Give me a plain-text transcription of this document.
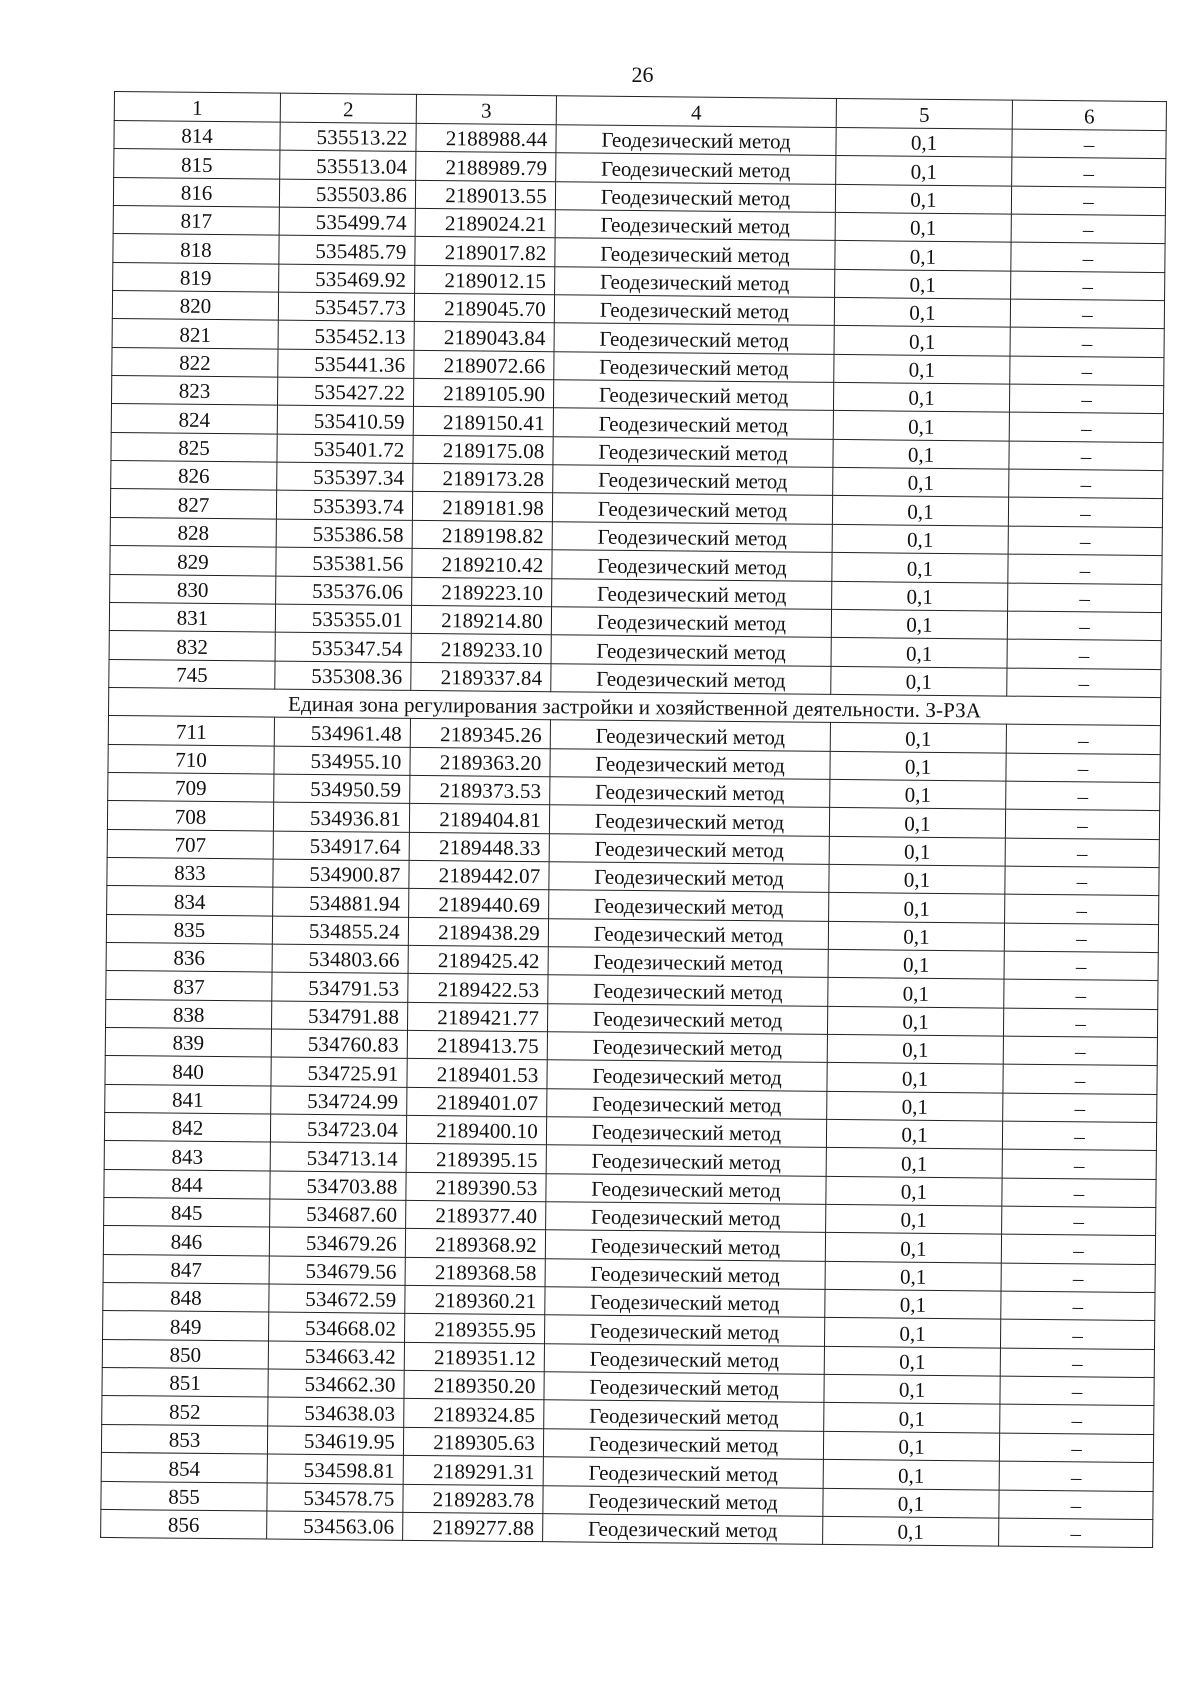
26
1	2	3	4	5	6
814	535513.22	2188988.44	Геодезический метод	0,1	–
815	535513.04	2188989.79	Геодезический метод	0,1	–
816	535503.86	2189013.55	Геодезический метод	0,1	–
817	535499.74	2189024.21	Геодезический метод	0,1	–
818	535485.79	2189017.82	Геодезический метод	0,1	–
819	535469.92	2189012.15	Геодезический метод	0,1	–
820	535457.73	2189045.70	Геодезический метод	0,1	–
821	535452.13	2189043.84	Геодезический метод	0,1	–
822	535441.36	2189072.66	Геодезический метод	0,1	–
823	535427.22	2189105.90	Геодезический метод	0,1	–
824	535410.59	2189150.41	Геодезический метод	0,1	–
825	535401.72	2189175.08	Геодезический метод	0,1	–
826	535397.34	2189173.28	Геодезический метод	0,1	–
827	535393.74	2189181.98	Геодезический метод	0,1	–
828	535386.58	2189198.82	Геодезический метод	0,1	–
829	535381.56	2189210.42	Геодезический метод	0,1	–
830	535376.06	2189223.10	Геодезический метод	0,1	–
831	535355.01	2189214.80	Геодезический метод	0,1	–
832	535347.54	2189233.10	Геодезический метод	0,1	–
745	535308.36	2189337.84	Геодезический метод	0,1	–
Единая зона регулирования застройки и хозяйственной деятельности. З-РЗА					
711	534961.48	2189345.26	Геодезический метод	0,1	–
710	534955.10	2189363.20	Геодезический метод	0,1	–
709	534950.59	2189373.53	Геодезический метод	0,1	–
708	534936.81	2189404.81	Геодезический метод	0,1	–
707	534917.64	2189448.33	Геодезический метод	0,1	–
833	534900.87	2189442.07	Геодезический метод	0,1	–
834	534881.94	2189440.69	Геодезический метод	0,1	–
835	534855.24	2189438.29	Геодезический метод	0,1	–
836	534803.66	2189425.42	Геодезический метод	0,1	–
837	534791.53	2189422.53	Геодезический метод	0,1	–
838	534791.88	2189421.77	Геодезический метод	0,1	–
839	534760.83	2189413.75	Геодезический метод	0,1	–
840	534725.91	2189401.53	Геодезический метод	0,1	–
841	534724.99	2189401.07	Геодезический метод	0,1	–
842	534723.04	2189400.10	Геодезический метод	0,1	–
843	534713.14	2189395.15	Геодезический метод	0,1	–
844	534703.88	2189390.53	Геодезический метод	0,1	–
845	534687.60	2189377.40	Геодезический метод	0,1	–
846	534679.26	2189368.92	Геодезический метод	0,1	–
847	534679.56	2189368.58	Геодезический метод	0,1	–
848	534672.59	2189360.21	Геодезический метод	0,1	–
849	534668.02	2189355.95	Геодезический метод	0,1	–
850	534663.42	2189351.12	Геодезический метод	0,1	–
851	534662.30	2189350.20	Геодезический метод	0,1	–
852	534638.03	2189324.85	Геодезический метод	0,1	–
853	534619.95	2189305.63	Геодезический метод	0,1	–
854	534598.81	2189291.31	Геодезический метод	0,1	–
855	534578.75	2189283.78	Геодезический метод	0,1	–
856	534563.06	2189277.88	Геодезический метод	0,1	–
